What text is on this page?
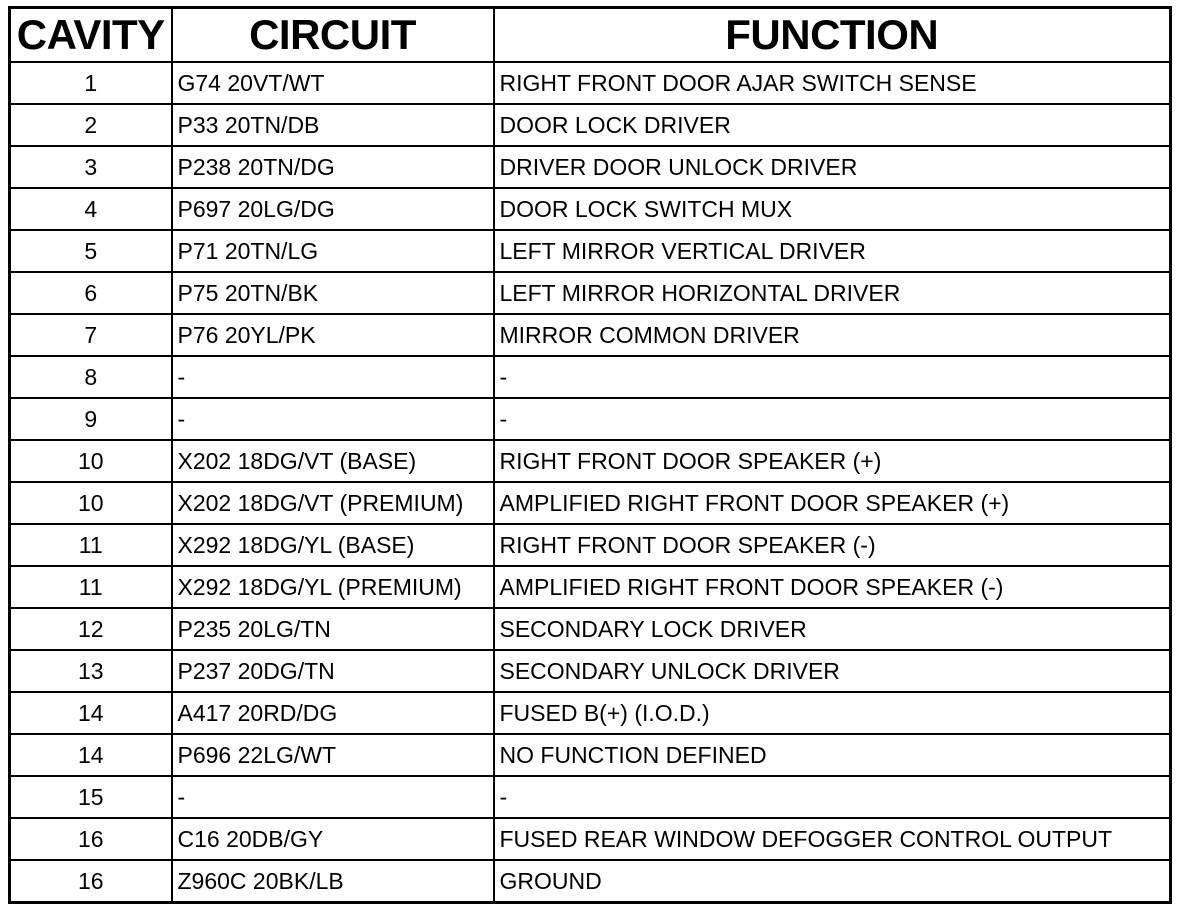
CAVITY	CIRCUIT	FUNCTION
1	G74 20VT/WT	RIGHT FRONT DOOR AJAR SWITCH SENSE
2	P33 20TN/DB	DOOR LOCK DRIVER
3	P238 20TN/DG	DRIVER DOOR UNLOCK DRIVER
4	P697 20LG/DG	DOOR LOCK SWITCH MUX
5	P71 20TN/LG	LEFT MIRROR VERTICAL DRIVER
6	P75 20TN/BK	LEFT MIRROR HORIZONTAL DRIVER
7	P76 20YL/PK	MIRROR COMMON DRIVER
8	-	-
9	-	-
10	X202 18DG/VT (BASE)	RIGHT FRONT DOOR SPEAKER (+)
10	X202 18DG/VT (PREMIUM)	AMPLIFIED RIGHT FRONT DOOR SPEAKER (+)
11	X292 18DG/YL (BASE)	RIGHT FRONT DOOR SPEAKER (-)
11	X292 18DG/YL (PREMIUM)	AMPLIFIED RIGHT FRONT DOOR SPEAKER (-)
12	P235 20LG/TN	SECONDARY LOCK DRIVER
13	P237 20DG/TN	SECONDARY UNLOCK DRIVER
14	A417 20RD/DG	FUSED B(+) (I.O.D.)
14	P696 22LG/WT	NO FUNCTION DEFINED
15	-	-
16	C16 20DB/GY	FUSED REAR WINDOW DEFOGGER CONTROL OUTPUT
16	Z960C 20BK/LB	GROUND
